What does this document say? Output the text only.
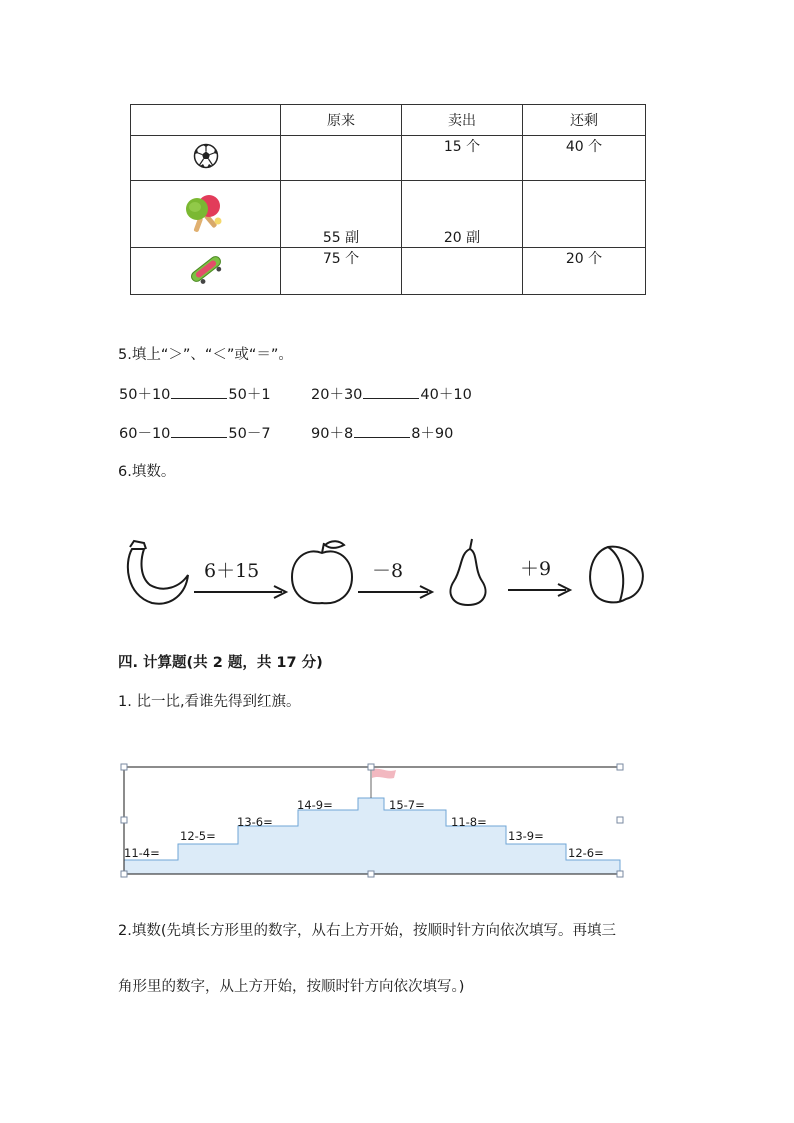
	原来	卖出	还剩
		15 个	40 个
	55 副	20 副	
	75 个		20 个
5.填上“＞”、“＜”或“＝”。
50＋10	50＋1	20＋30	40＋10
60－10	50－7	90＋8	8＋90
6.填数。
6＋15	－8	＋9
四. 计算题(共 2 题，共 17 分)
1. 比一比,看谁先得到红旗。
11-4=
12-5=
13-6=
14-9=	15-7=
11-8=
13-9=
12-6=
2.填数(先填长方形里的数字，从右上方开始，按顺时针方向依次填写。再填三
角形里的数字，从上方开始，按顺时针方向依次填写。)
